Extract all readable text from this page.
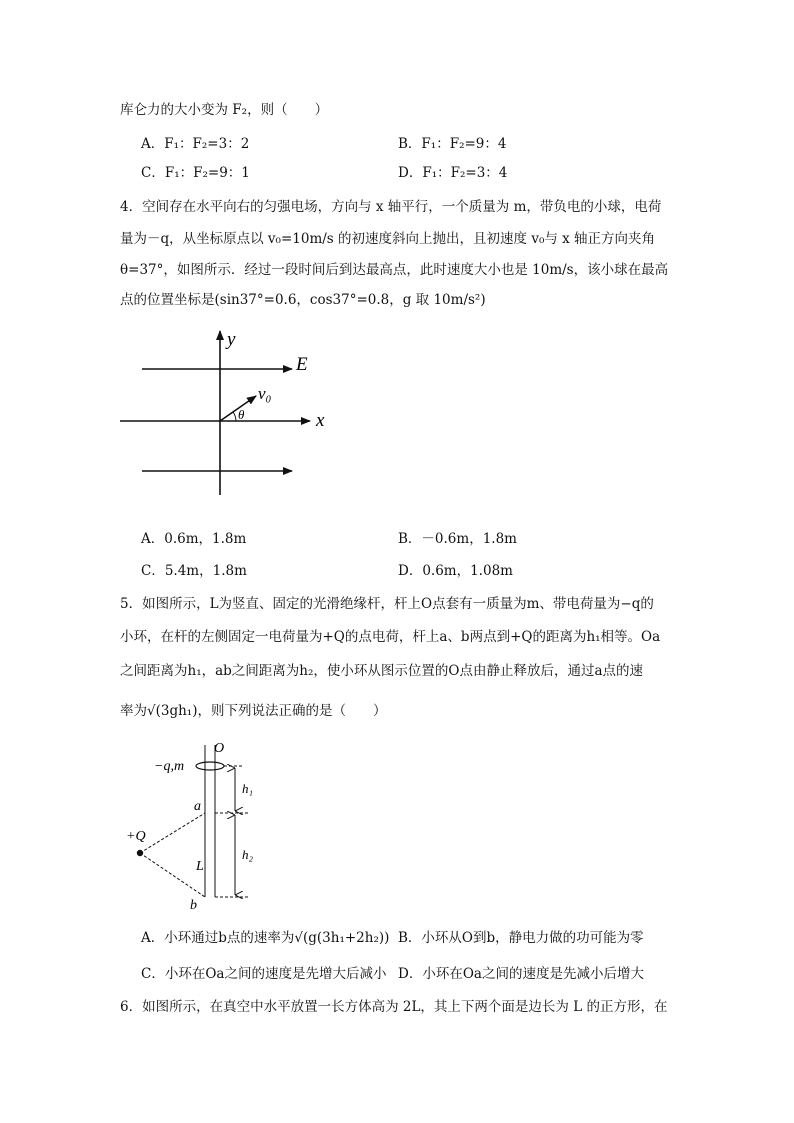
库仑力的大小变为 F₂，则（　　）
A．F₁：F₂=3：2	B．F₁：F₂=9：4
C．F₁：F₂=9：1	D．F₁：F₂=3：4
4．空间存在水平向右的匀强电场，方向与 x 轴平行，一个质量为 m，带负电的小球，电荷
量为－q，从坐标原点以 v₀=10m/s 的初速度斜向上抛出，且初速度 v₀与 x 轴正方向夹角
θ=37°，如图所示．经过一段时间后到达最高点，此时速度大小也是 10m/s，该小球在最高
点的位置坐标是(sin37°=0.6，cos37°=0.8，g 取 10m/s²)
y
x
E
v₀
θ
A．0.6m，1.8m	B．－0.6m，1.8m
C．5.4m，1.8m	D．0.6m，1.08m
5．如图所示，L为竖直、固定的光滑绝缘杆，杆上O点套有一质量为m、带电荷量为−q的
小环，在杆的左侧固定一电荷量为+Q的点电荷，杆上a、b两点到+Q的距离为h₁相等。Oa
之间距离为h₁，ab之间距离为h₂，使小环从图示位置的O点由静止释放后，通过a点的速
率为√(3gh₁)，则下列说法正确的是（　　）
O
−q,m
a
b
+Q
L
h₁
h₂
A．小环通过b点的速率为√(g(3h₁+2h₂)) B．小环从O到b，静电力做的功可能为零
C．小环在Oa之间的速度是先增大后减小 D．小环在Oa之间的速度是先减小后增大
6．如图所示，在真空中水平放置一长方体高为 2L，其上下两个面是边长为 L 的正方形，在
